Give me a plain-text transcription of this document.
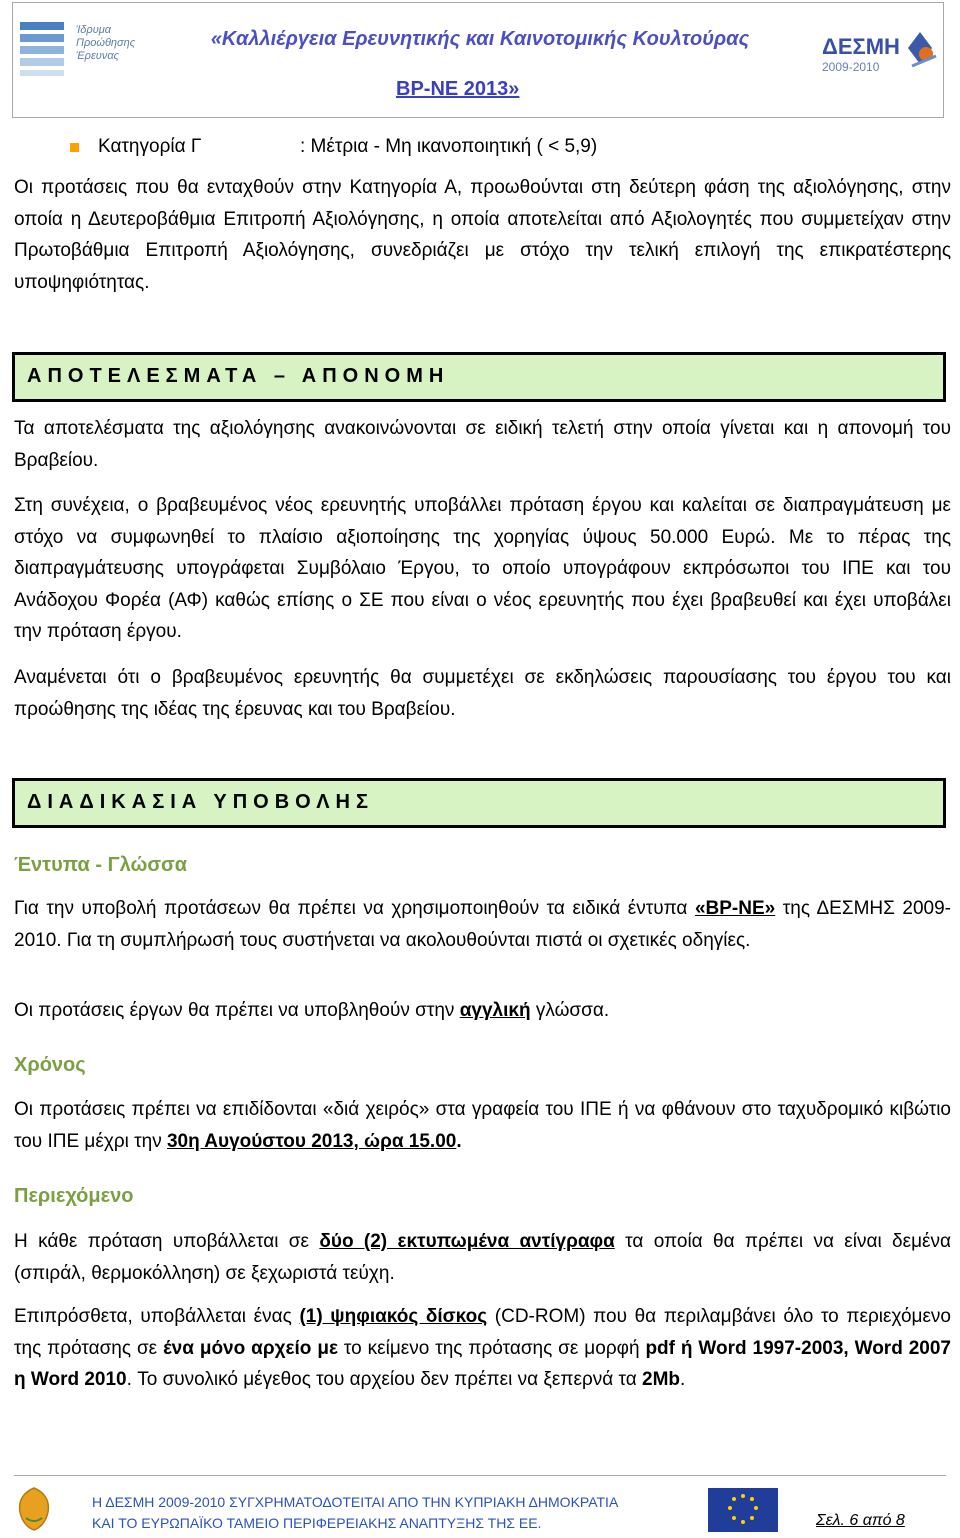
Ίδρυμα
Προώθησης
Έρευνας
«Καλλιέργεια Ερευνητικής και Καινοτομικής Κουλτούρας
BP-NE 2013»
ΔΕΣΜΗ
2009-2010
Κατηγορία Γ	: Μέτρια - Μη ικανοποιητική ( < 5,9)
Οι προτάσεις που θα ενταχθούν στην Κατηγορία Α, προωθούνται στη δεύτερη φάση της αξιολόγησης, στην οποία η Δευτεροβάθμια Επιτροπή Αξιολόγησης, η οποία αποτελείται από Αξιολογητές που συμμετείχαν στην Πρωτοβάθμια Επιτροπή Αξιολόγησης, συνεδριάζει με στόχο την τελική επιλογή της επικρατέστερης υποψηφιότητας.
ΑΠΟΤΕΛΕΣΜΑΤΑ – ΑΠΟΝΟΜΗ
Τα αποτελέσματα της αξιολόγησης ανακοινώνονται σε ειδική τελετή στην οποία γίνεται και η απονομή του Βραβείου.
Στη συνέχεια, ο βραβευμένος νέος ερευνητής υποβάλλει πρόταση έργου και καλείται σε διαπραγμάτευση με στόχο να συμφωνηθεί το πλαίσιο αξιοποίησης της χορηγίας ύψους 50.000 Ευρώ. Με το πέρας της διαπραγμάτευσης υπογράφεται Συμβόλαιο Έργου, το οποίο υπογράφουν εκπρόσωποι του ΙΠΕ και του Ανάδοχου Φορέα (ΑΦ) καθώς επίσης ο ΣΕ που είναι ο νέος ερευνητής που έχει βραβευθεί και έχει υποβάλει την πρόταση έργου.
Αναμένεται ότι ο βραβευμένος ερευνητής θα συμμετέχει σε εκδηλώσεις παρουσίασης του έργου του και προώθησης της ιδέας της έρευνας και του Βραβείου.
ΔΙΑΔΙΚΑΣΙΑ ΥΠΟΒΟΛΗΣ
Έντυπα - Γλώσσα
Για την υποβολή προτάσεων θα πρέπει να χρησιμοποιηθούν τα ειδικά έντυπα «BP-NE» της ΔΕΣΜΗΣ 2009-2010. Για τη συμπλήρωσή τους συστήνεται να ακολουθούνται πιστά οι σχετικές οδηγίες.
Οι προτάσεις έργων θα πρέπει να υποβληθούν στην αγγλική γλώσσα.
Χρόνος
Οι προτάσεις πρέπει να επιδίδονται «διά χειρός» στα γραφεία του ΙΠΕ ή να φθάνουν στο ταχυδρομικό κιβώτιο του ΙΠΕ μέχρι την 30η Αυγούστου 2013, ώρα 15.00.
Περιεχόμενο
Η κάθε πρόταση υποβάλλεται σε δύο (2) εκτυπωμένα αντίγραφα τα οποία θα πρέπει να είναι δεμένα (σπιράλ, θερμοκόλληση) σε ξεχωριστά τεύχη.
Επιπρόσθετα, υποβάλλεται ένας (1) ψηφιακός δίσκος (CD-ROM) που θα περιλαμβάνει όλο το περιεχόμενο της πρότασης σε ένα μόνο αρχείο με το κείμενο της πρότασης σε μορφή pdf ή Word 1997-2003, Word 2007 η Word 2010. Το συνολικό μέγεθος του αρχείου δεν πρέπει να ξεπερνά τα 2Mb.
Η ΔΕΣΜΗ 2009-2010 ΣΥΓΧΡΗΜΑΤΟΔΟΤΕΙΤΑΙ ΑΠΟ ΤΗΝ ΚΥΠΡΙΑΚΗ ΔΗΜΟΚΡΑΤΙΑ
ΚΑΙ ΤΟ ΕΥΡΩΠΑΪΚΟ ΤΑΜΕΙΟ ΠΕΡΙΦΕΡΕΙΑΚΗΣ ΑΝΑΠΤΥΞΗΣ ΤΗΣ ΕΕ.	Σελ. 6 από 8
